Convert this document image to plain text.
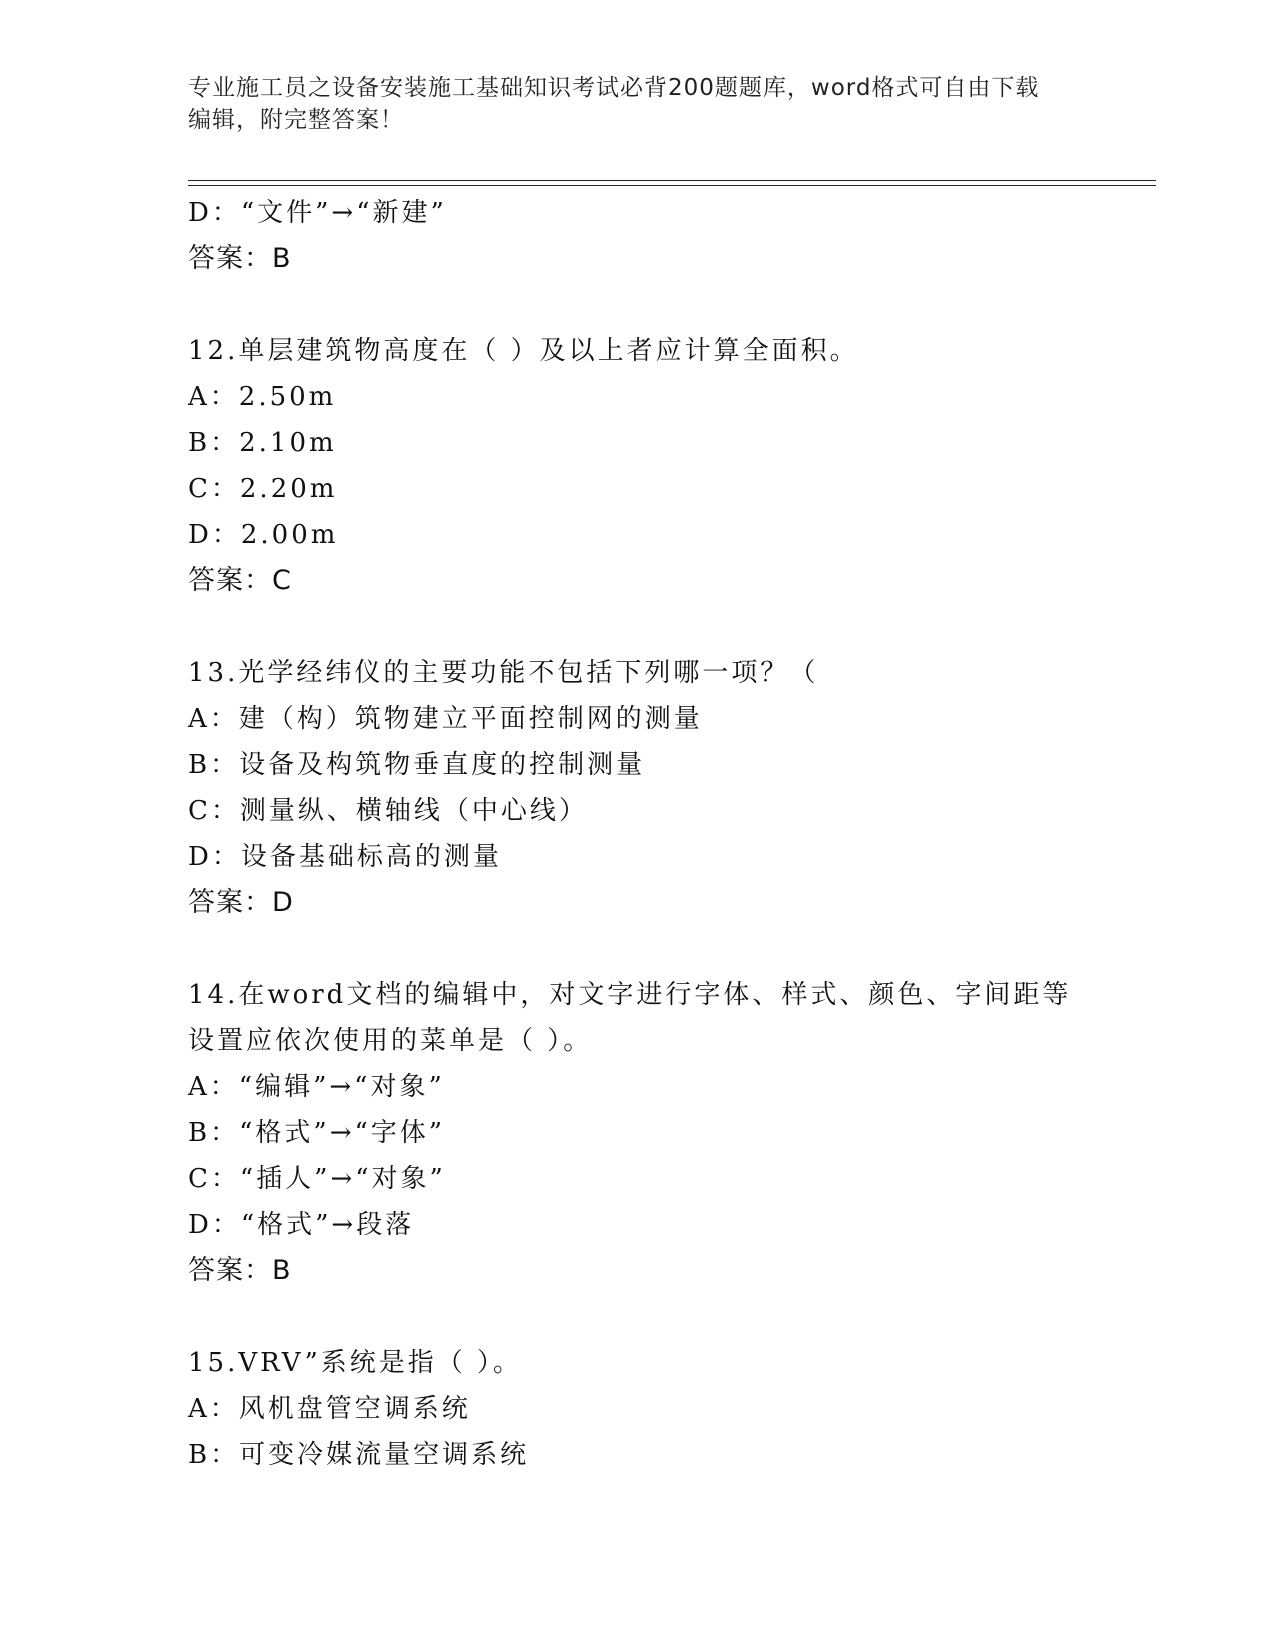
专业施工员之设备安装施工基础知识考试必背200题题库，word格式可自由下载
编辑，附完整答案！
D：“文件”→“新建”
答案：B
12.单层建筑物高度在（ ）及以上者应计算全面积。
A：2.50m
B：2.10m
C：2.20m
D：2.00m
答案：C
13.光学经纬仪的主要功能不包括下列哪一项？（
A：建（构）筑物建立平面控制网的测量
B：设备及构筑物垂直度的控制测量
C：测量纵、横轴线（中心线）
D：设备基础标高的测量
答案：D
14.在word文档的编辑中，对文字进行字体、样式、颜色、字间距等
设置应依次使用的菜单是（ ）。
A：“编辑”→“对象”
B：“格式”→“字体”
C：“插人”→“对象”
D：“格式”→段落
答案：B
15.VRV”系统是指（ ）。
A：风机盘管空调系统
B：可变冷媒流量空调系统
